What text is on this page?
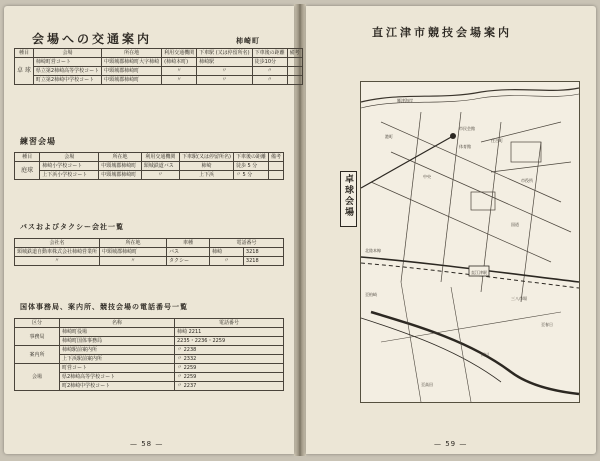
会場への交通案内	柿崎町
種目	会場	所在地	利用交通機関	下車駅 (又は停留所名)	下車後の距離	備考
卓 球	柿崎町営コート	中頸城郡柿崎町大字柿崎	(柿崎本町)	柿崎駅	徒歩10分	
	県立第2柿崎高等学校コート	中頸城郡柿崎町	〃	〃	〃	
	町立第2柿崎中学校コート	中頸城郡柿崎町	〃	〃	〃	
練習会場
種目	会場	所在地	利用交通機関	下車駅(又は停留所名)	下車後の距離	備考
庭球	柿崎小学校コート	中頸城郡柿崎町	頸城鉄道バス	柿崎	徒歩 5 分	
	上下浜小学校コート	中頸城郡柿崎町	〃	上下浜	〃 5 分	
バスおよびタクシー会社一覧
会社名	所在地	車種	電話番号	
頸城鉄道自動車株式会社柿崎営業所	中頸城郡柿崎町	バス	柿崎	3218
〃	〃	タクシー	〃	3218
国体事務局、案内所、競技会場の電話番号一覧
区分	名称	電話番号
事務局	柿崎町役場	柿崎 2211
	柿崎町国体事務局	2235・2236・2259
案内所	柿崎駅前案内所	〃 2238
	上下浜駅前案内所	〃 2332
会場	町営コート	〃 2259
	県2柿崎高等学校コート	〃 2259
	町2柿崎中学校コート	〃 2237
— 58 —
直江津市競技会場案内
郷津海岸
直江津駅
北陸本線
国道
市役所
関川
中央
住吉町
至高田
至柏崎
至春日
市民会館
体育館
港町
三八市場
卓球会場
— 59 —
